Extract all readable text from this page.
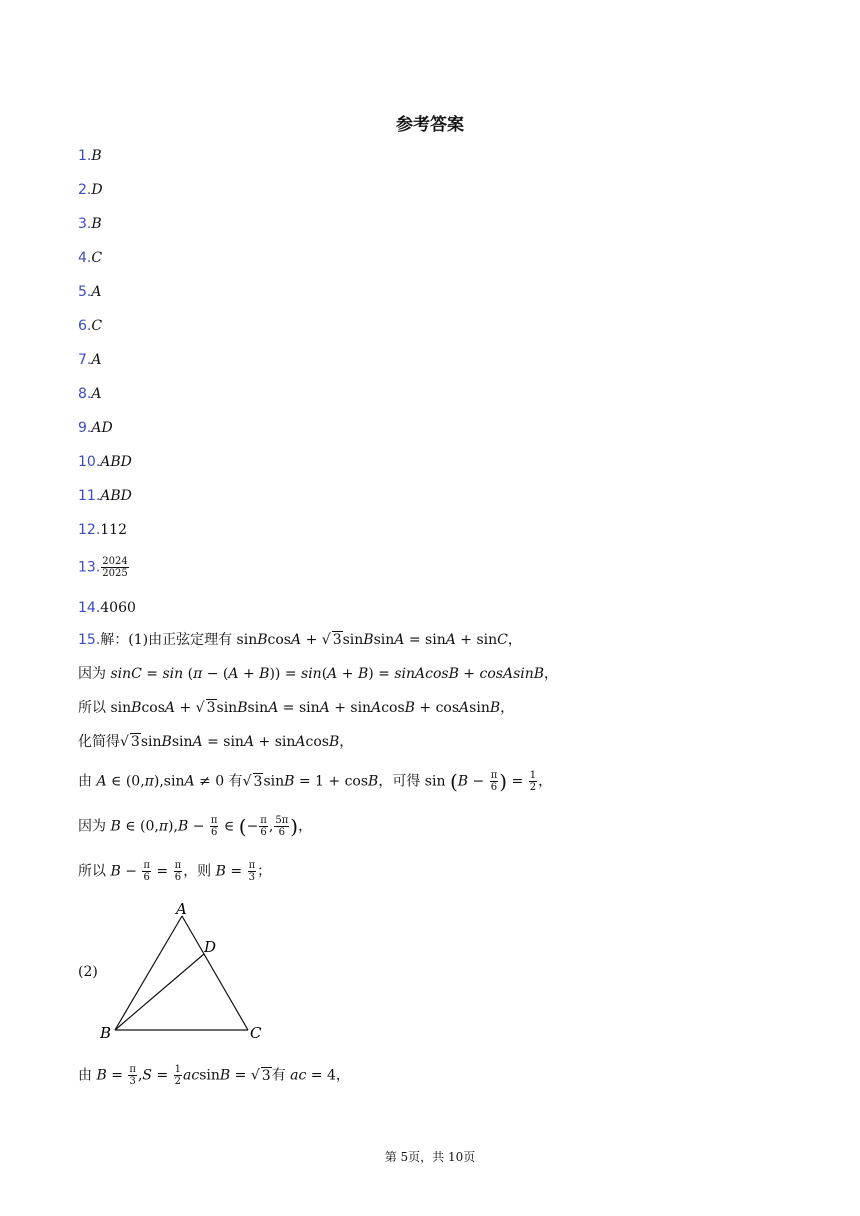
参考答案
1.B
2.D
3.B
4.C
5.A
6.C
7.A
8.A
9.AD
10.ABD
11.ABD
12.112
13. $\frac{2024}{2025}$
14.4060
15.解：(1)由正弦定理有 sinBcosA + √ 3sinBsinA = sinA + sinC，
因为 sinC = sin (π − (A + B)) = sin(A + B) = sinAcosB + cosAsinB，
所以 sinBcosA + √ 3sinBsinA = sinA + sinAcosB + cosAsinB，
化简得√ 3sinBsinA = sinA + sinAcosB，
由 A ∈ (0,π),sinA ≠ 0 有√ 3sinB = 1 + cosB，可得 $\sin (B - \frac{\pi}{6}$ ) = $\frac{1}{2}$ ，
因为 B ∈ $(0,\pi),B - \frac{\pi}{6}$ ∈ (− $\frac{\pi}{6}$ , $\frac{5\pi}{6}$ )，
所以 $B - \frac{\pi}{6} = \frac{\pi}{6}$ ，则 $B = \frac{\pi}{3}$ ；
(2)
A
D
B	C
由 $B = \frac{\pi}{3} ,S = \frac{1}{2}$ acsinB = √ 3有 ac = 4，
第 5页，共 10页
